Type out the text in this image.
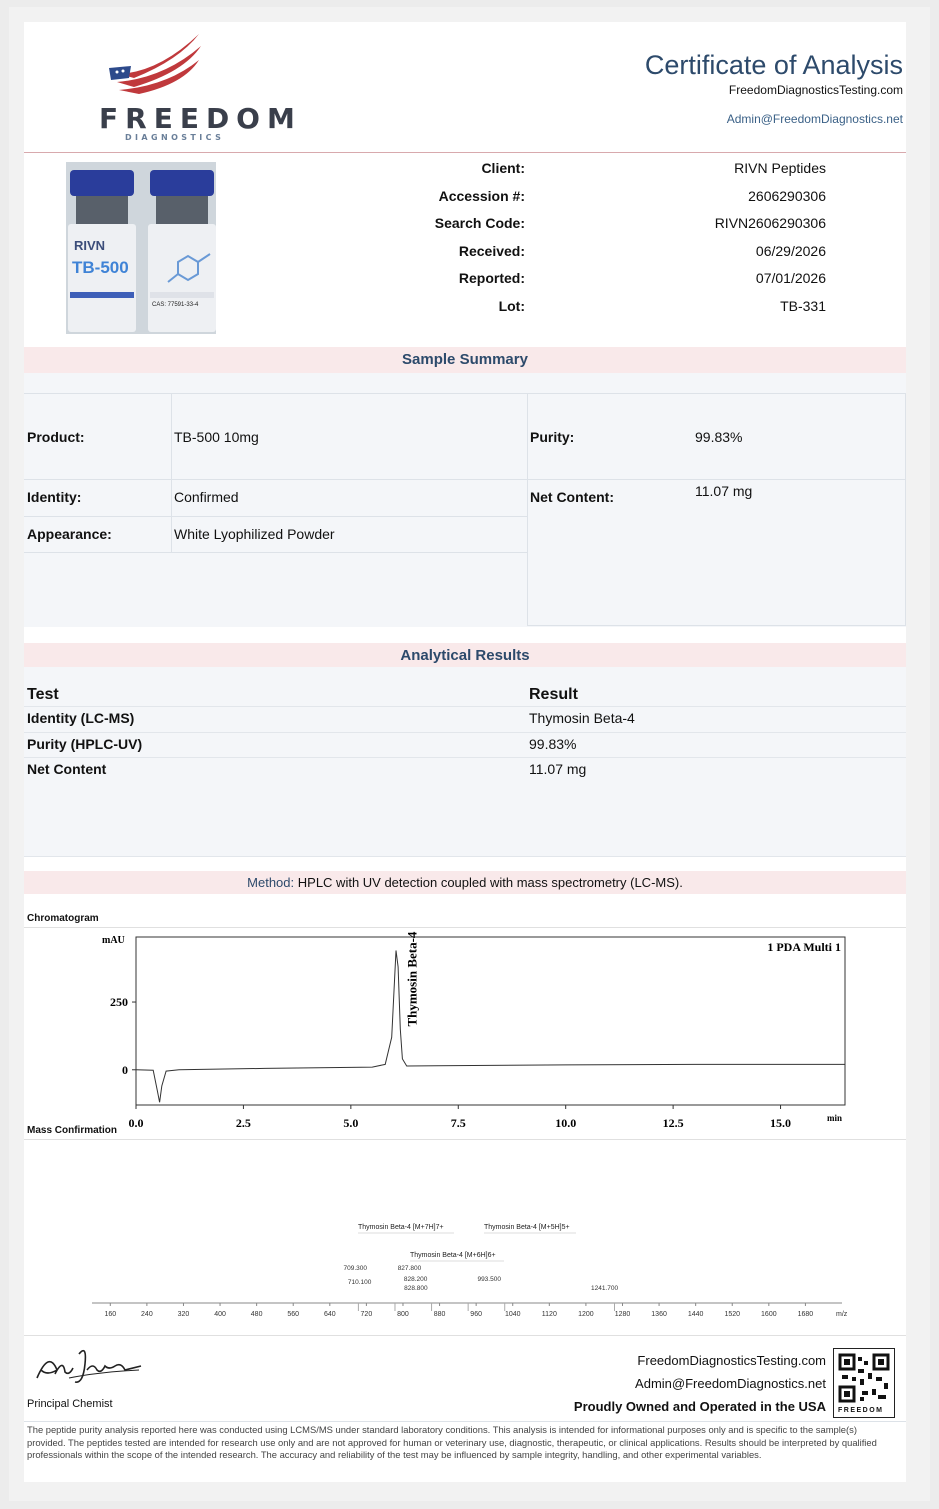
FREEDOM
DIAGNOSTICS
Certificate of Analysis
FreedomDiagnosticsTesting.com
Admin@FreedomDiagnostics.net
RIVN
TB-500
CAS: 77591-33-4
Client:	RIVN Peptides
Accession #:	2606290306
Search Code:	RIVN2606290306
Received:	06/29/2026
Reported:	07/01/2026
Lot:	TB-331
Sample Summary
Product:	TB-500 10mg
Identity:	Confirmed
Appearance:	White Lyophilized Powder
Purity:	99.83%
Net Content:	11.07 mg
Analytical Results
Test	Result
Identity (LC-MS)	Thymosin Beta-4
Purity (HPLC-UV)	99.83%
Net Content	11.07 mg
Method: HPLC with UV detection coupled with mass spectrometry (LC-MS).
Chromatogram
mAU
250
0
0.0	2.5	5.0	7.5	10.0	12.5	15.0	min
1 PDA Multi 1
Thymosin Beta-4
Mass Confirmation
160	240	320	400	480	560	640	720	800	880	960	1040	1120	1200	1280	1360	1440	1520	1600	1680	m/z
709.300
710.100
827.800
828.200
828.800
993.500
1241.700
Thymosin Beta-4 [M+7H]7+
Thymosin Beta-4 [M+6H]6+
Thymosin Beta-4 [M+5H]5+
Principal Chemist
FreedomDiagnosticsTesting.com
Admin@FreedomDiagnostics.net
Proudly Owned and Operated in the USA FREEDOM
The peptide purity analysis reported here was conducted using LCMS/MS under standard laboratory conditions. This analysis is intended for informational purposes only and is specific to the sample(s) provided. The peptides tested are intended for research use only and are not approved for human or veterinary use, diagnostic, therapeutic, or clinical applications. Results should be interpreted by qualified professionals within the scope of the intended research. The accuracy and reliability of the test may be influenced by sample integrity, handling, and other experimental variables.
